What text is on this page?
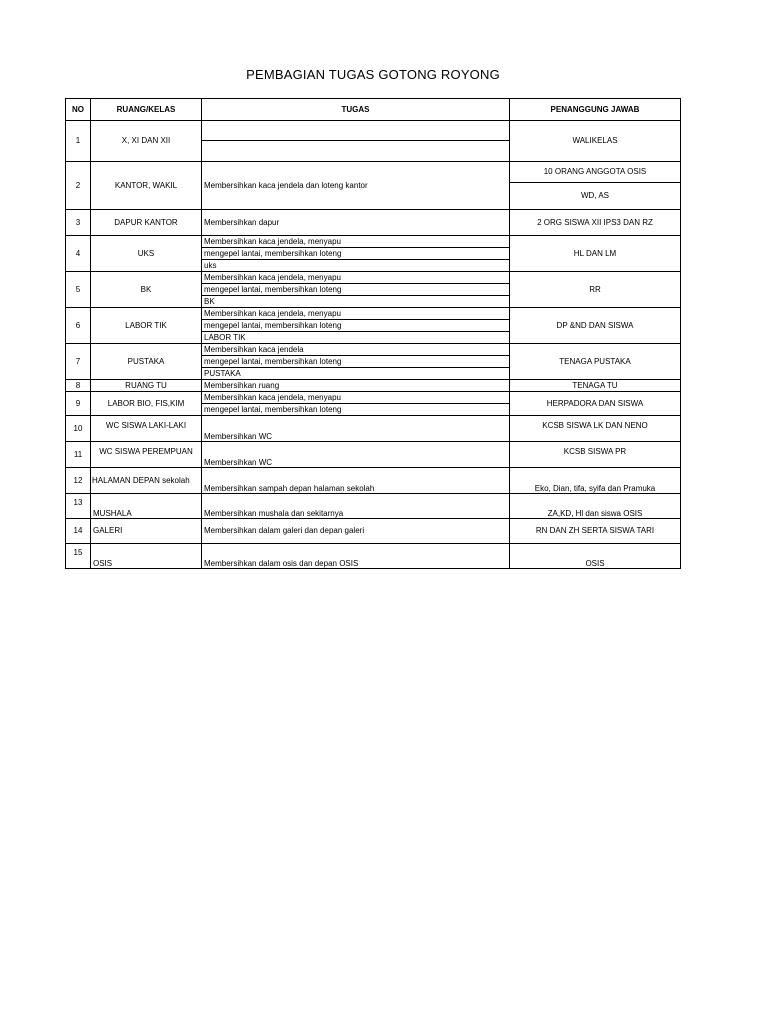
PEMBAGIAN TUGAS GOTONG ROYONG
NO	RUANG/KELAS	TUGAS	PENANGGUNG JAWAB
1	X, XI DAN XII		WALIKELAS

2	KANTOR, WAKIL	Membersihkan kaca jendela dan loteng kantor	10 ORANG ANGGOTA OSIS
			WD, AS
3	DAPUR KANTOR	Membersihkan dapur	2 ORG SISWA XII IPS3 DAN RZ
4	UKS	Membersihkan kaca jendela, menyapu	HL DAN LM
		mengepel lantai, membersihkan loteng	
		uks	
5	BK	Membersihkan kaca jendela, menyapu	RR
		mengepel lantai, membersihkan loteng	
		BK	
6	LABOR TIK	Membersihkan kaca jendela, menyapu	DP &ND DAN SISWA
		mengepel lantai, membersihkan loteng	
		LABOR TIK	
7	PUSTAKA	Membersihkan kaca jendela	TENAGA PUSTAKA
		mengepel lantai, membersihkan loteng	
		PUSTAKA	
8	RUANG TU	Membersihkan ruang	TENAGA TU
9	LABOR BIO, FIS,KIM	Membersihkan kaca jendela, menyapu	HERPADORA DAN SISWA
		mengepel lantai, membersihkan loteng	
10	WC SISWA LAKI-LAKI	Membersihkan WC	KCSB SISWA LK DAN NENO
11	WC SISWA PEREMPUAN	Membersihkan WC	KCSB SISWA PR
12	HALAMAN DEPAN sekolah	Membersihkan sampah depan halaman sekolah	Eko, Dian, tifa, syifa dan Pramuka
13	MUSHALA	Membersihkan mushala dan sekitarnya	ZA,KD, Hl dan siswa OSIS
14	GALERI	Membersihkan dalam galeri dan depan galeri	RN DAN ZH SERTA SISWA TARI
15	OSIS	Membersihkan dalam osis dan depan OSIS	OSIS
